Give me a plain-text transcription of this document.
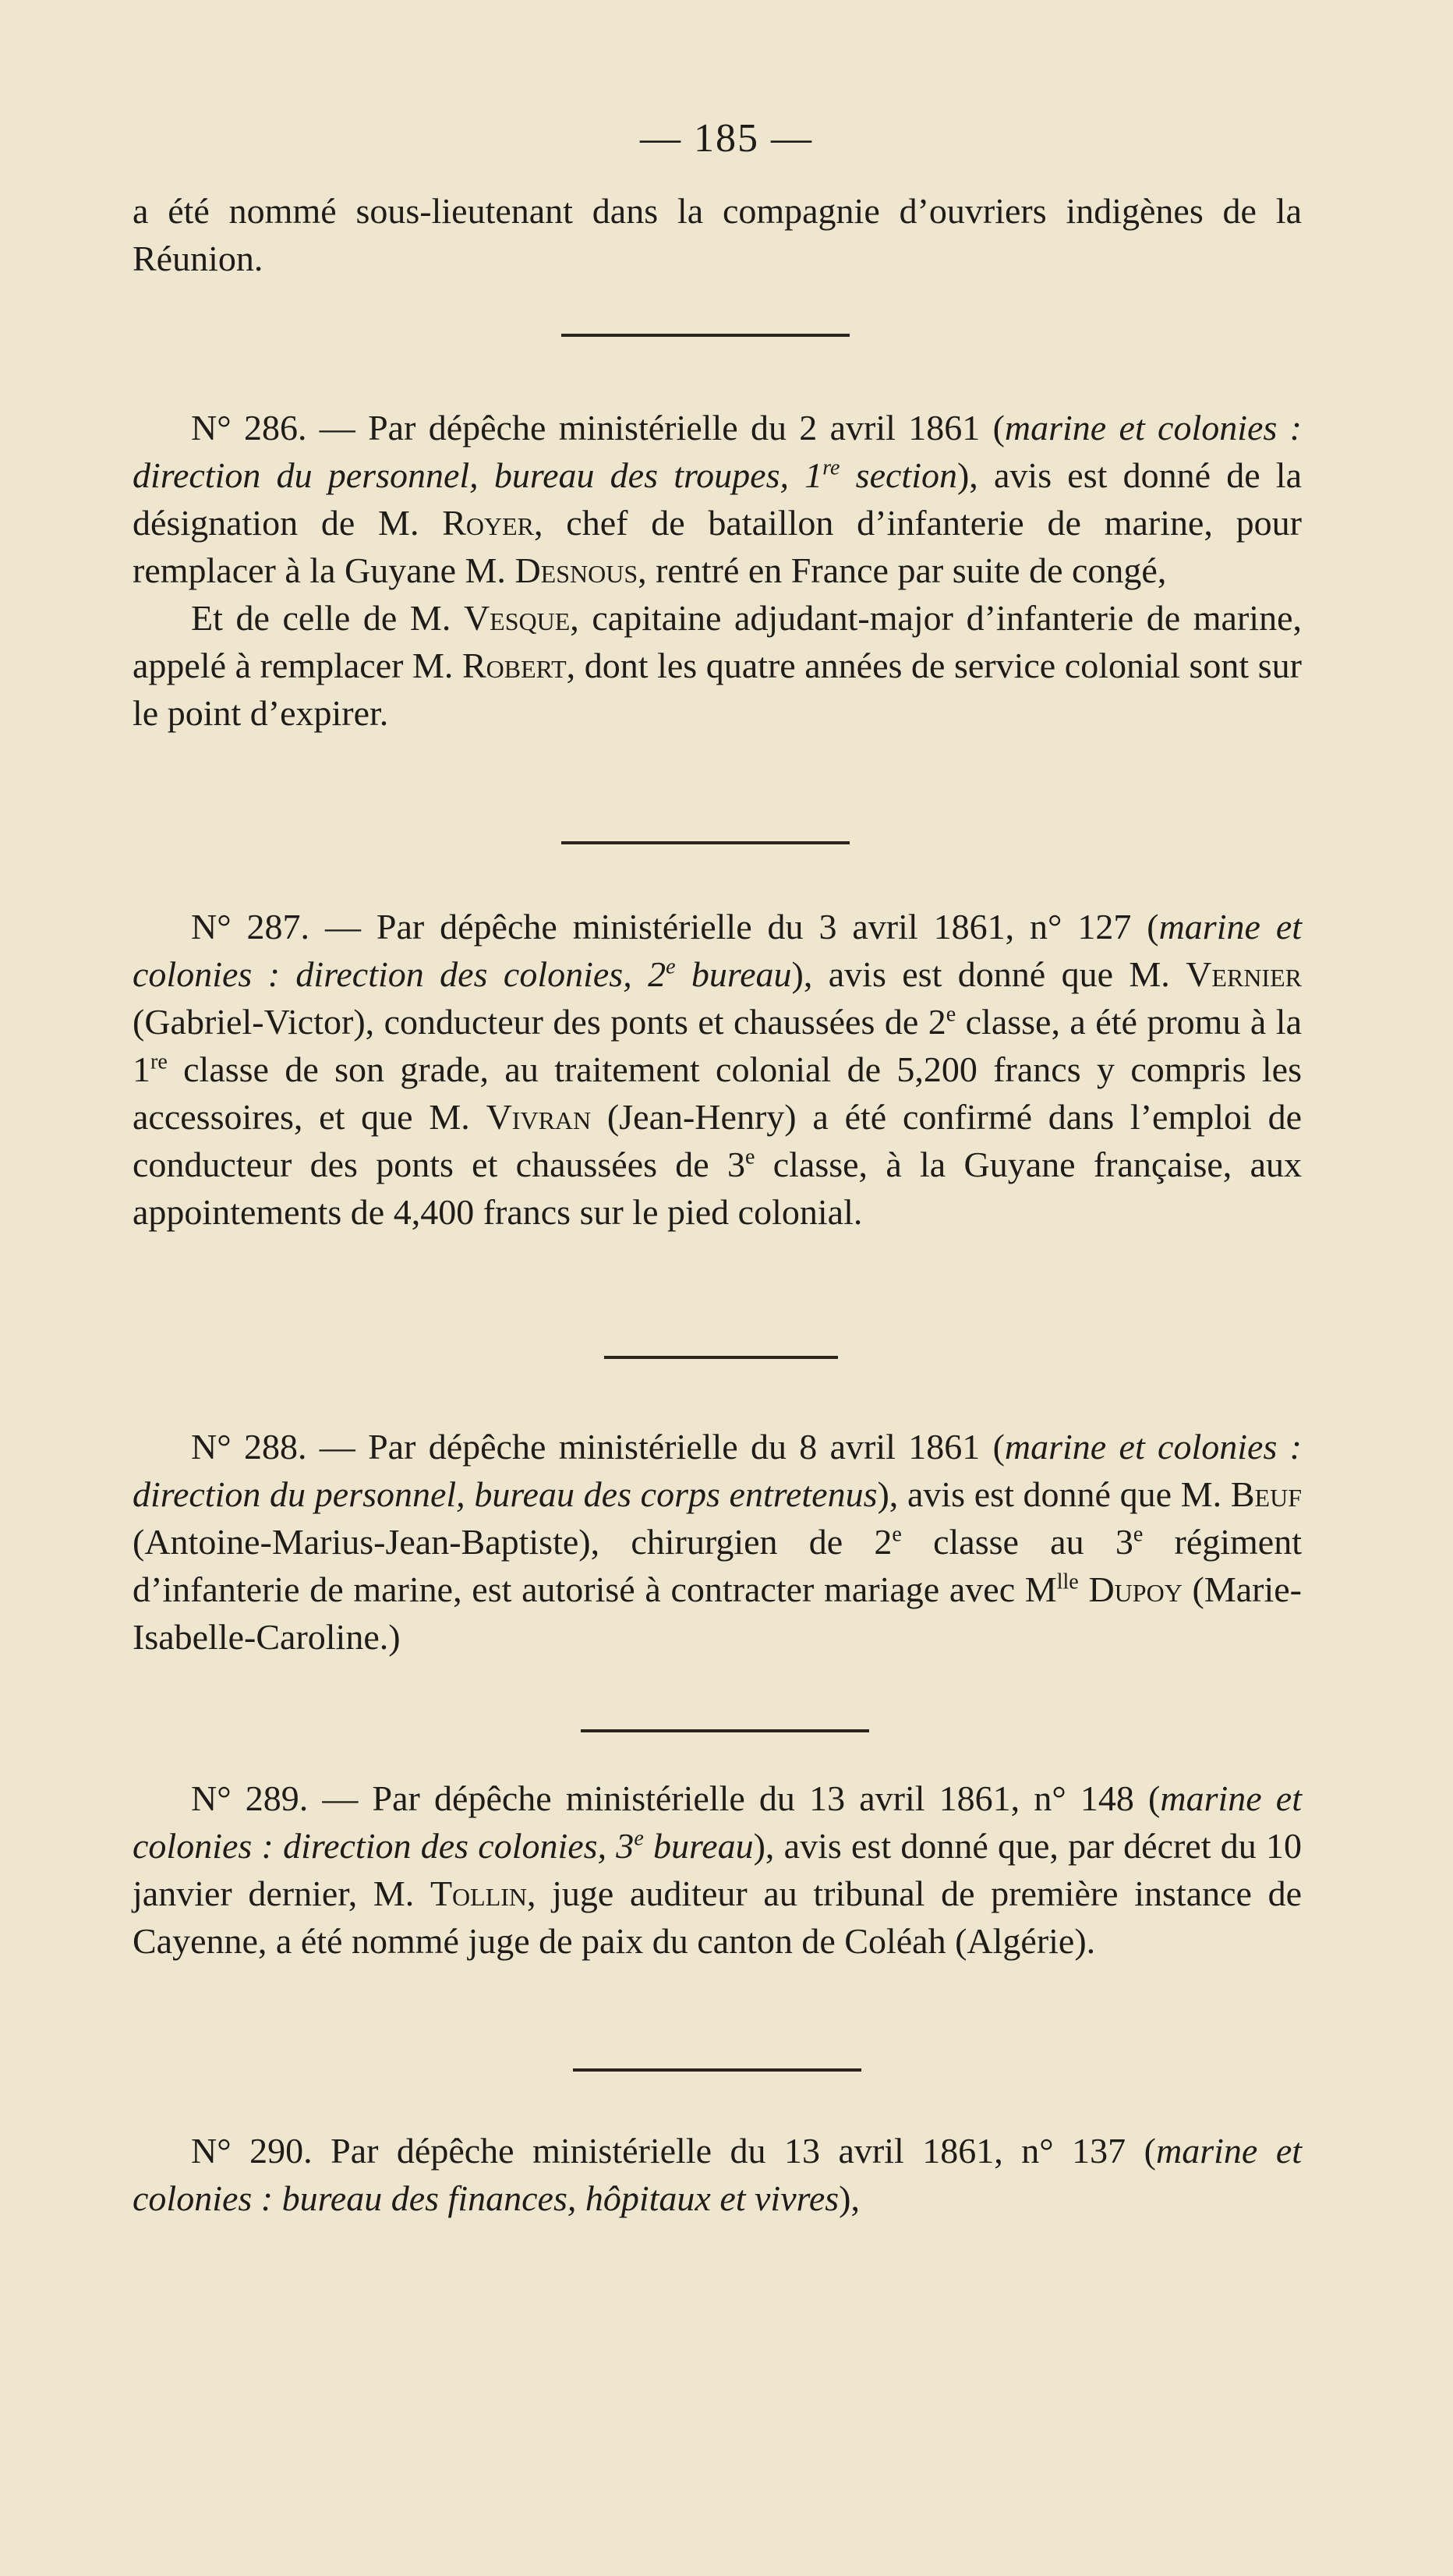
— 185 —

a été nommé sous-lieutenant dans la compagnie d’ouvriers indigènes de la Réunion.

N° 286. — Par dépêche ministérielle du 2 avril 1861 (marine et colonies : direction du personnel, bureau des troupes, 1re section), avis est donné de la désignation de M. Royer, chef de bataillon d’infanterie de marine, pour remplacer à la Guyane M. Desnous, rentré en France par suite de congé,

Et de celle de M. Vesque, capitaine adjudant-major d’infanterie de marine, appelé à remplacer M. Robert, dont les quatre années de service colonial sont sur le point d’expirer.

N° 287. — Par dépêche ministérielle du 3 avril 1861, n° 127 (marine et colonies : direction des colonies, 2e bureau), avis est donné que M. Vernier (Gabriel-Victor), conducteur des ponts et chaussées de 2e classe, a été promu à la 1re classe de son grade, au traitement colonial de 5,200 francs y compris les accessoires, et que M. Vivran (Jean-Henry) a été confirmé dans l’emploi de conducteur des ponts et chaussées de 3e classe, à la Guyane française, aux appointements de 4,400 francs sur le pied colonial.

N° 288. — Par dépêche ministérielle du 8 avril 1861 (marine et colonies : direction du personnel, bureau des corps entretenus), avis est donné que M. Beuf (Antoine-Marius-Jean-Baptiste), chirurgien de 2e classe au 3e régiment d’infanterie de marine, est autorisé à contracter mariage avec $M^{lle}$ Dupoy (Marie-Isabelle-Caroline.)

N° 289. — Par dépêche ministérielle du 13 avril 1861, n° 148 (marine et colonies : direction des colonies, 3e bureau), avis est donné que, par décret du 10 janvier dernier, M. Tollin, juge auditeur au tribunal de première instance de Cayenne, a été nommé juge de paix du canton de Coléah (Algérie).

N° 290. Par dépêche ministérielle du 13 avril 1861, n° 137 (marine et colonies : bureau des finances, hôpitaux et vivres),
